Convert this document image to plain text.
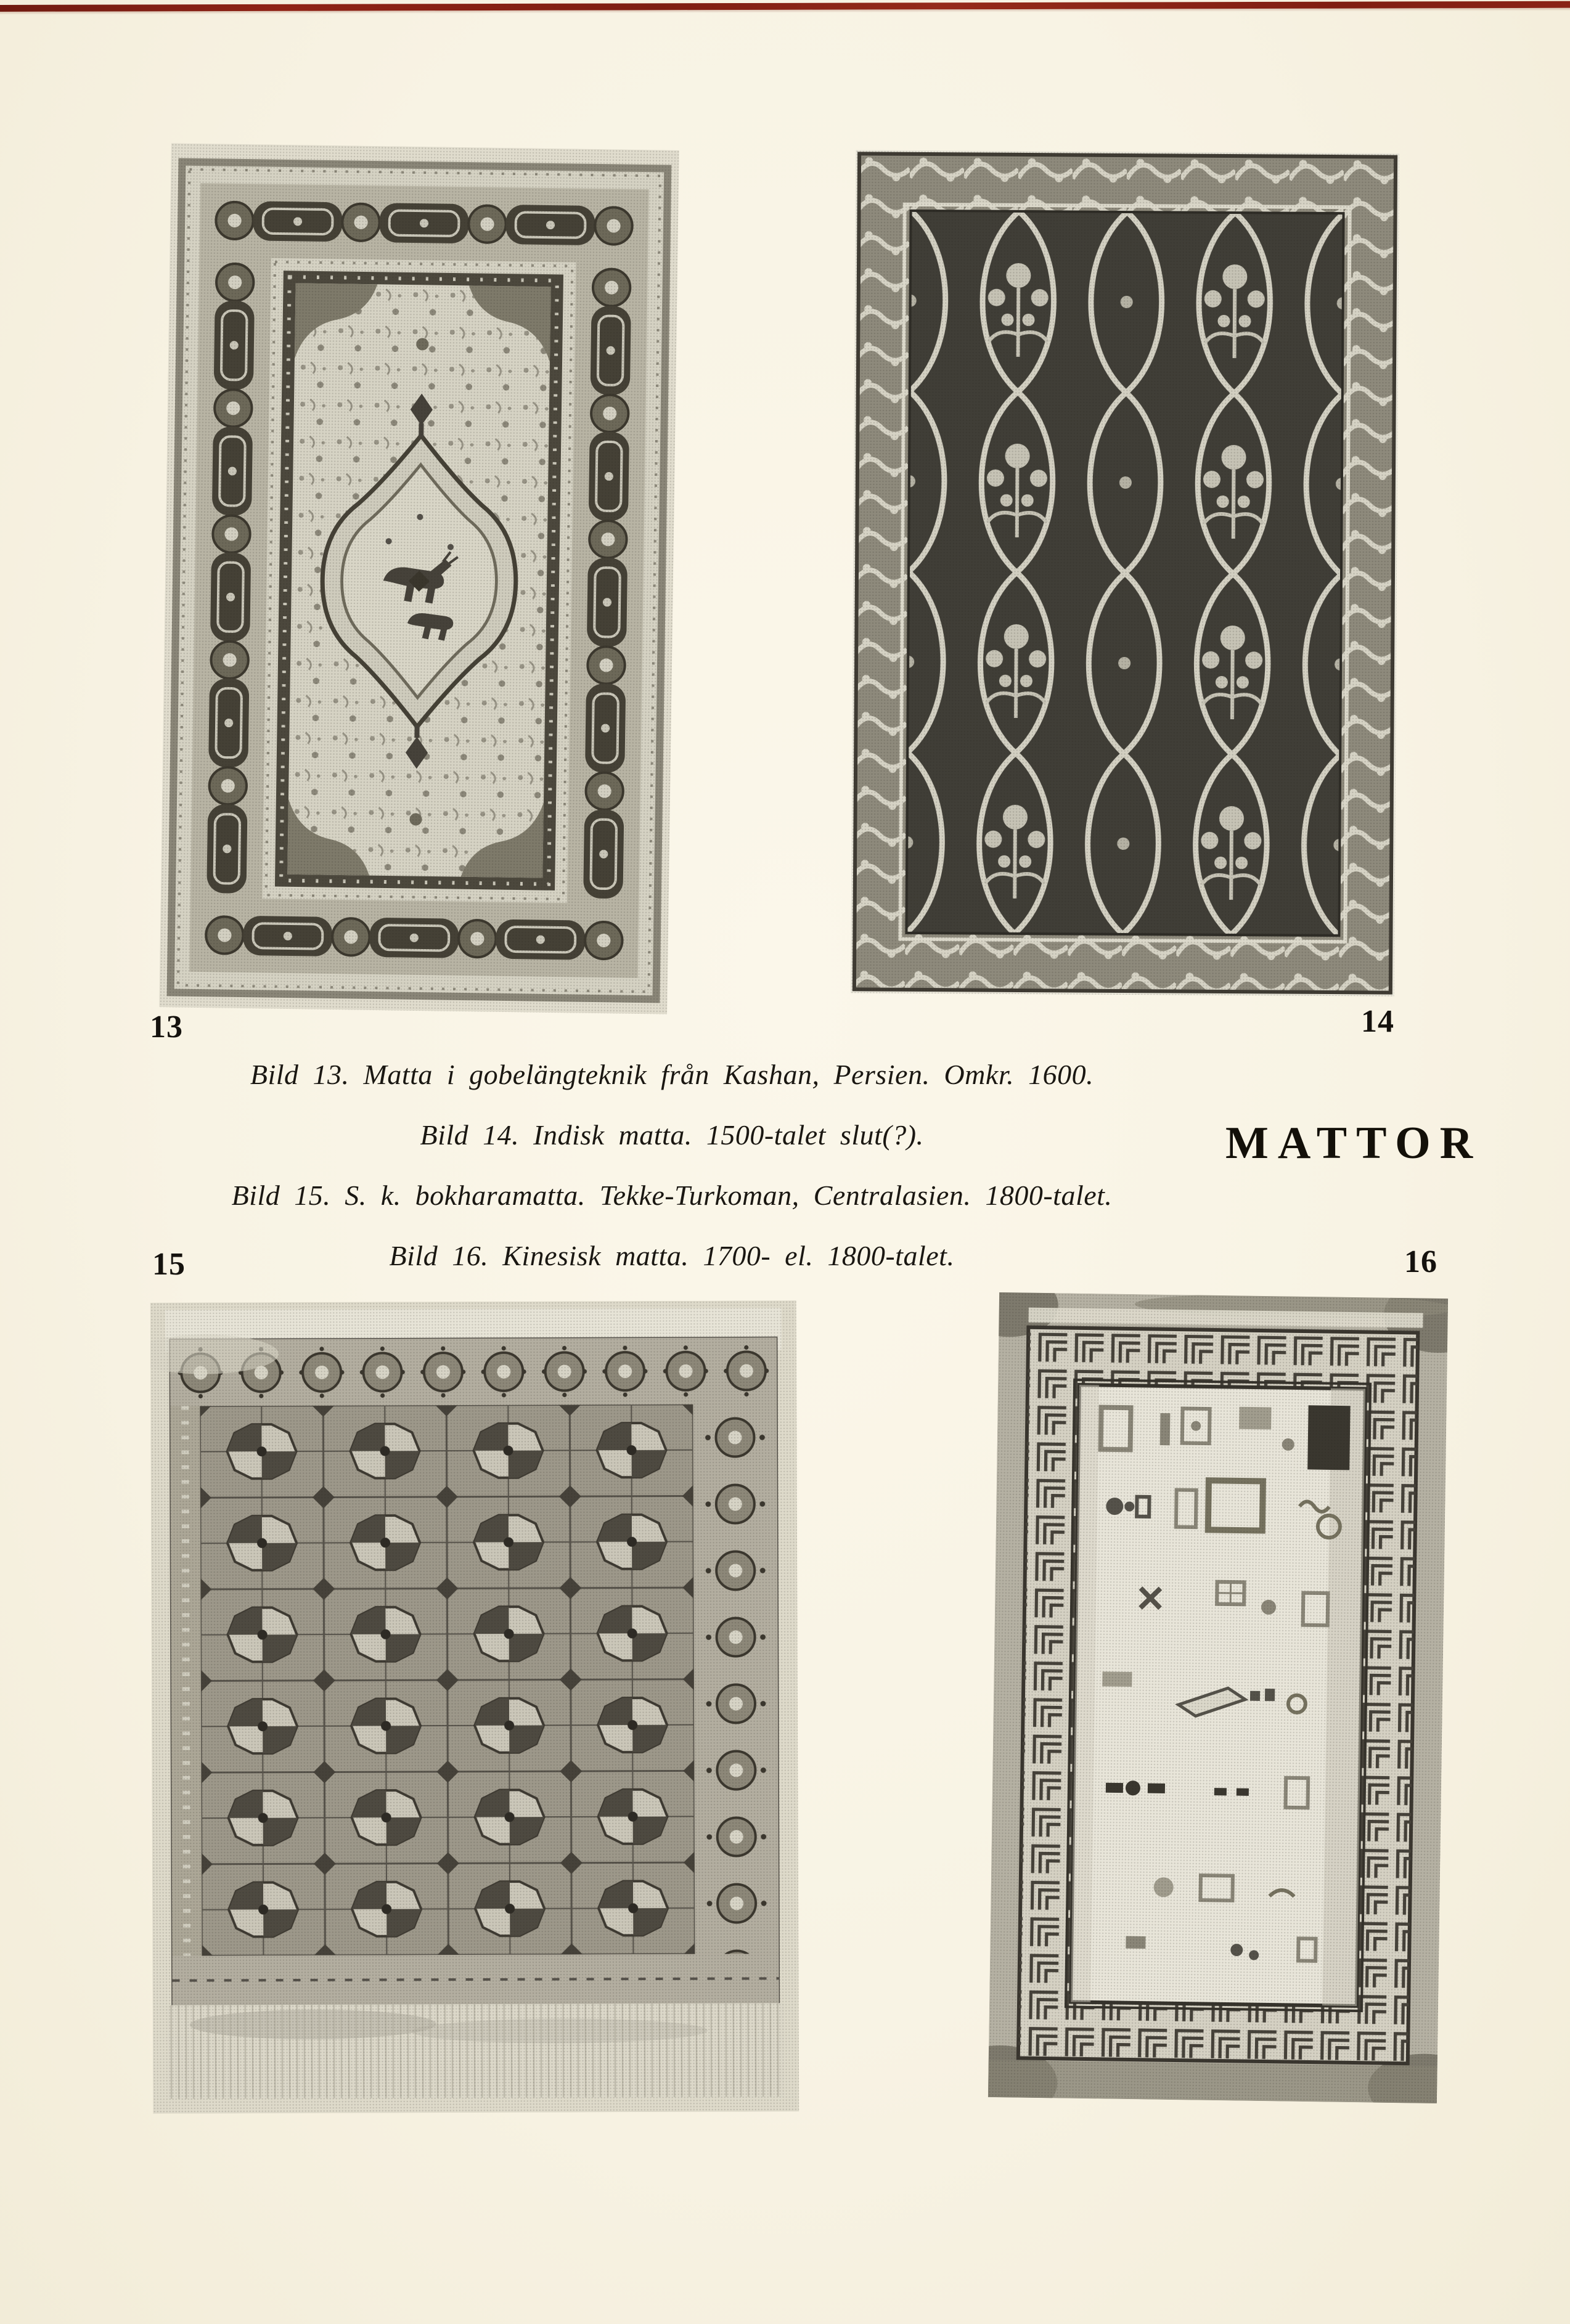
13	14
15	16
Bild 13. Matta i gobelängteknik från Kashan, Persien. Omkr. 1600.
Bild 14. Indisk matta. 1500-talet slut(?).
Bild 15. S. k. bokharamatta. Tekke-Turkoman, Centralasien. 1800-talet.
Bild 16. Kinesisk matta. 1700- el. 1800-talet.
MATTOR
